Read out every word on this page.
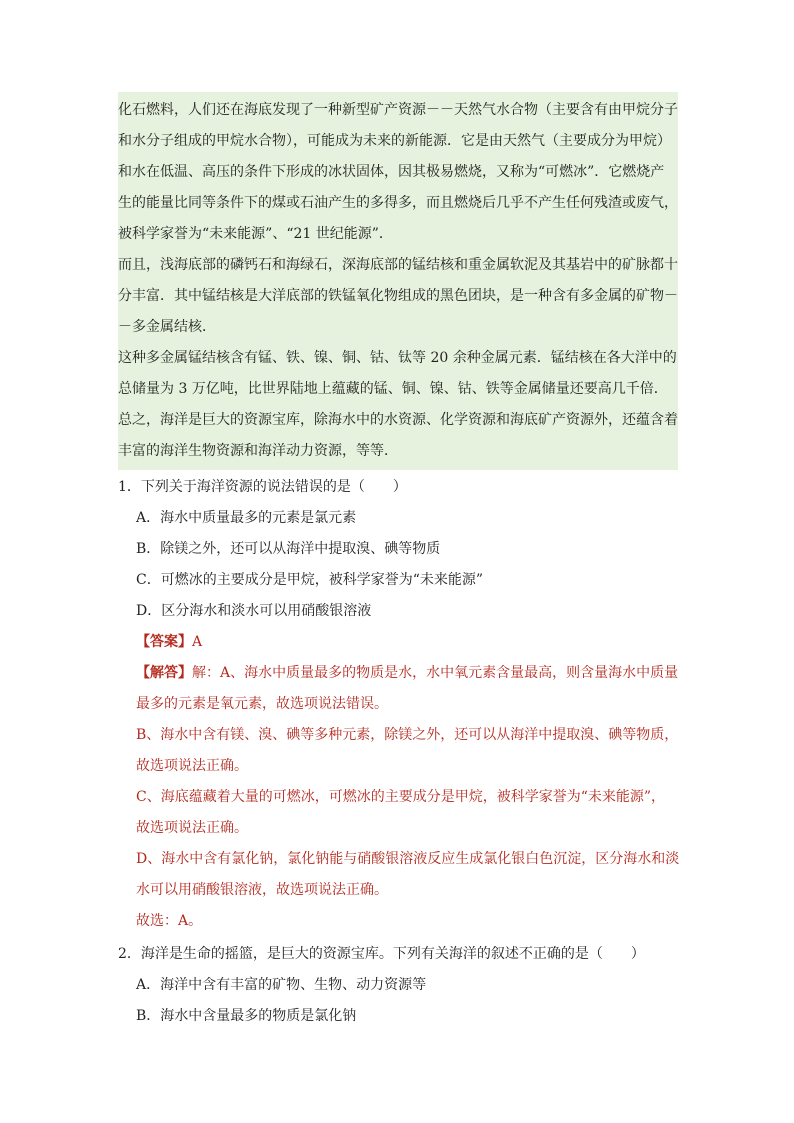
化石燃料，人们还在海底发现了一种新型矿产资源－－天然气水合物（主要含有由甲烷分子
和水分子组成的甲烷水合物），可能成为未来的新能源．它是由天然气（主要成分为甲烷）
和水在低温、高压的条件下形成的冰状固体，因其极易燃烧，又称为“可燃冰”．它燃烧产
生的能量比同等条件下的煤或石油产生的多得多，而且燃烧后几乎不产生任何残渣或废气，
被科学家誉为“未来能源”、“21 世纪能源”．
而且，浅海底部的磷钙石和海绿石，深海底部的锰结核和重金属软泥及其基岩中的矿脉都十
分丰富．其中锰结核是大洋底部的铁锰氧化物组成的黑色团块，是一种含有多金属的矿物－
－多金属结核．
这种多金属锰结核含有锰、铁、镍、铜、钴、钛等 20 余种金属元素．锰结核在各大洋中的
总储量为 3 万亿吨，比世界陆地上蕴藏的锰、铜、镍、钴、铁等金属储量还要高几千倍．
总之，海洋是巨大的资源宝库，除海水中的水资源、化学资源和海底矿产资源外，还蕴含着
丰富的海洋生物资源和海洋动力资源，等等．
1．下列关于海洋资源的说法错误的是（　　）
A．海水中质量最多的元素是氯元素
B．除镁之外，还可以从海洋中提取溴、碘等物质
C．可燃冰的主要成分是甲烷，被科学家誉为“未来能源”
D．区分海水和淡水可以用硝酸银溶液
【答案】A
【解答】解：A、海水中质量最多的物质是水，水中氧元素含量最高，则含量海水中质量
最多的元素是氧元素，故选项说法错误。
B、海水中含有镁、溴、碘等多种元素，除镁之外，还可以从海洋中提取溴、碘等物质，
故选项说法正确。
C、海底蕴藏着大量的可燃冰，可燃冰的主要成分是甲烷，被科学家誉为“未来能源”，
故选项说法正确。
D、海水中含有氯化钠，氯化钠能与硝酸银溶液反应生成氯化银白色沉淀，区分海水和淡
水可以用硝酸银溶液，故选项说法正确。
故选：A。
2．海洋是生命的摇篮，是巨大的资源宝库。下列有关海洋的叙述不正确的是（　　）
A．海洋中含有丰富的矿物、生物、动力资源等
B．海水中含量最多的物质是氯化钠
